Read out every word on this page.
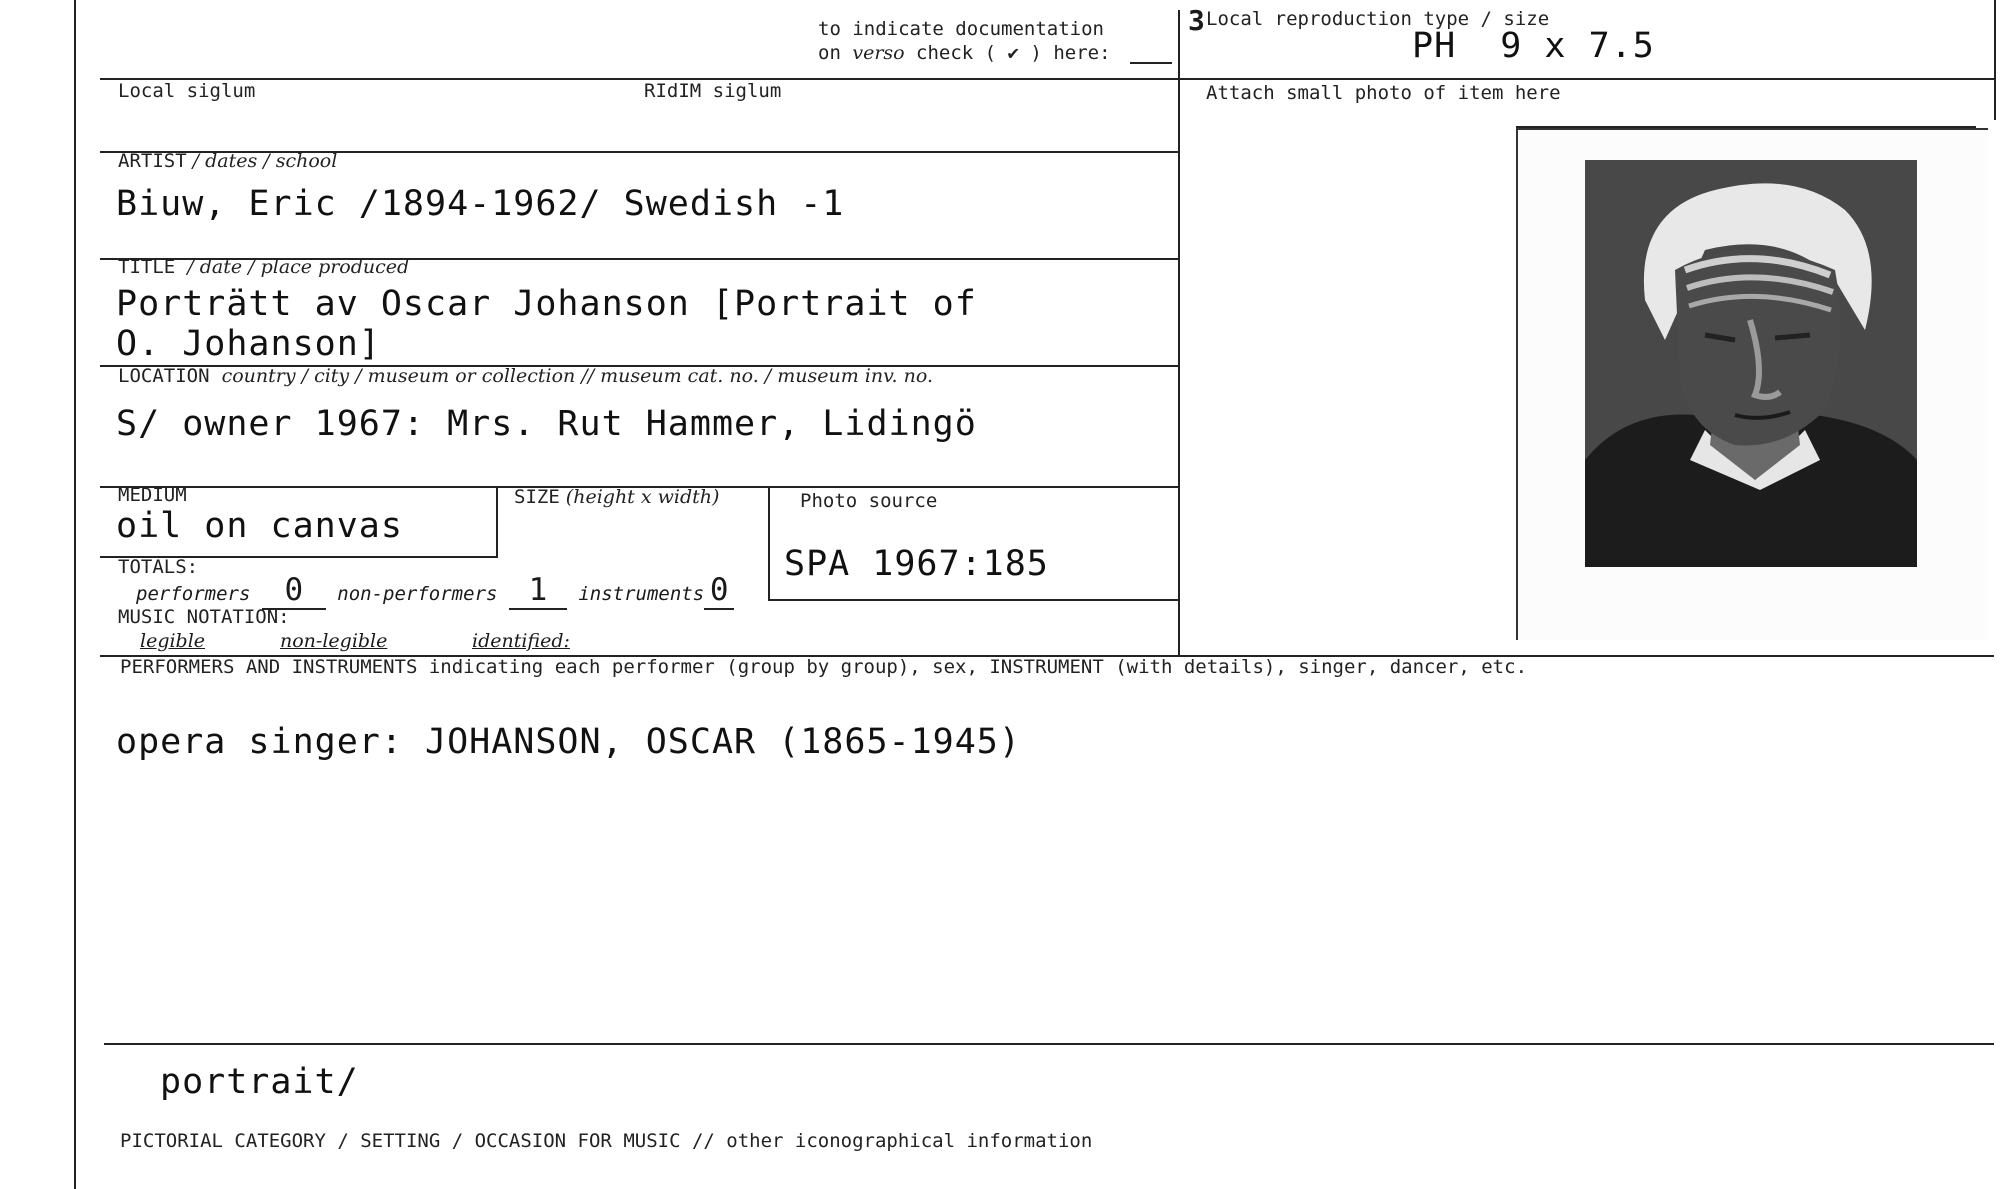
to indicate documentation
on verso check ( ✔ ) here:
3 Local reproduction type / size
PH  9 x 7.5
Local siglum	RIdIM siglum	Attach small photo of item here
ARTIST / dates / school
Biuw, Eric /1894-1962/ Swedish -1
TITLE  / date / place produced
Porträtt av Oscar Johanson [Portrait of
O. Johanson]
LOCATION  country / city / museum or collection // museum cat. no. / museum inv. no.
S/ owner 1967: Mrs. Rut Hammer, Lidingö
MEDIUM
oil on canvas
SIZE (height x width)	Photo source
SPA 1967:185
TOTALS:
performers 0 non-performers 1 instruments 0
MUSIC NOTATION:
legible	non-legible	identified:
PERFORMERS AND INSTRUMENTS indicating each performer (group by group), sex, INSTRUMENT (with details), singer, dancer, etc.
opera singer: JOHANSON, OSCAR (1865-1945)
portrait/
PICTORIAL CATEGORY / SETTING / OCCASION FOR MUSIC // other iconographical information
